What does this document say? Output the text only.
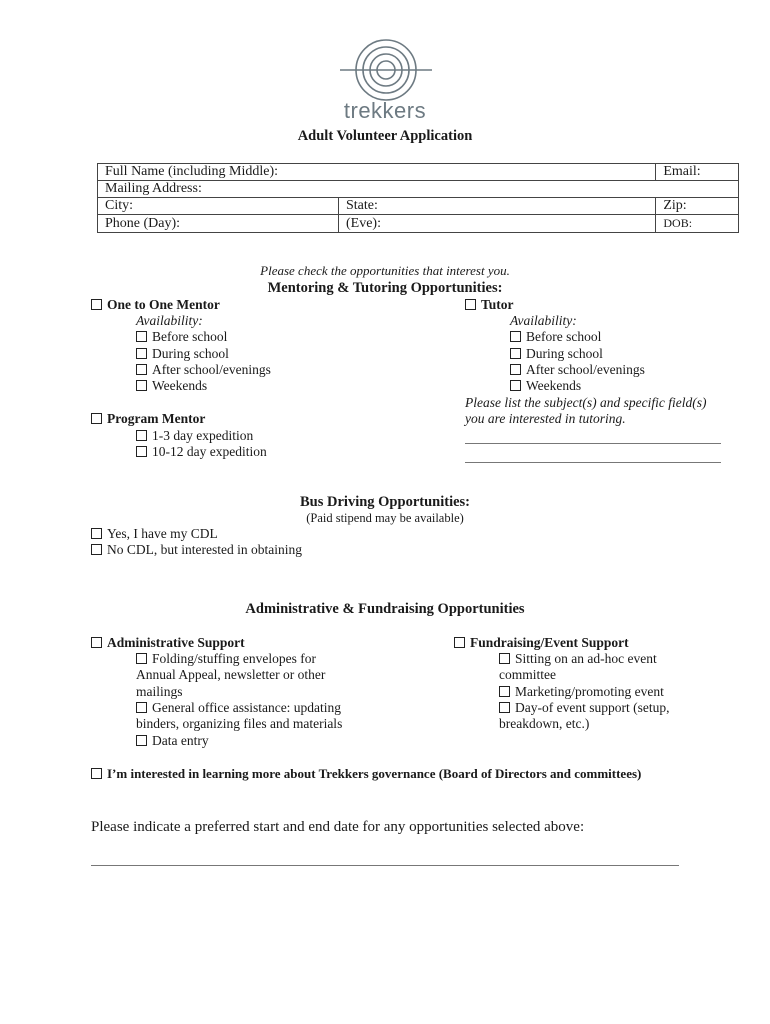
trekkers
Adult Volunteer Application
Full Name (including Middle):		Email:
Mailing Address:		
City:	State:	Zip:
Phone (Day):	(Eve):	DOB:
Please check the opportunities that interest you.
Mentoring & Tutoring Opportunities:
One to One Mentor
Availability:
Before school
During school
After school/evenings
Weekends
Tutor
Availability:
Before school
During school
After school/evenings
Weekends
Please list the subject(s) and specific field(s)
you are interested in tutoring.
Program Mentor
1-3 day expedition
10-12 day expedition
Bus Driving Opportunities:
(Paid stipend may be available)
Yes, I have my CDL
No CDL, but interested in obtaining
Administrative & Fundraising Opportunities
Administrative Support
Folding/stuffing envelopes for
Annual Appeal, newsletter or other
mailings
General office assistance: updating
binders, organizing files and materials
Data entry
Fundraising/Event Support
Sitting on an ad-hoc event
committee
Marketing/promoting event
Day-of event support (setup,
breakdown, etc.)
I’m interested in learning more about Trekkers governance (Board of Directors and committees)
Please indicate a preferred start and end date for any opportunities selected above:
